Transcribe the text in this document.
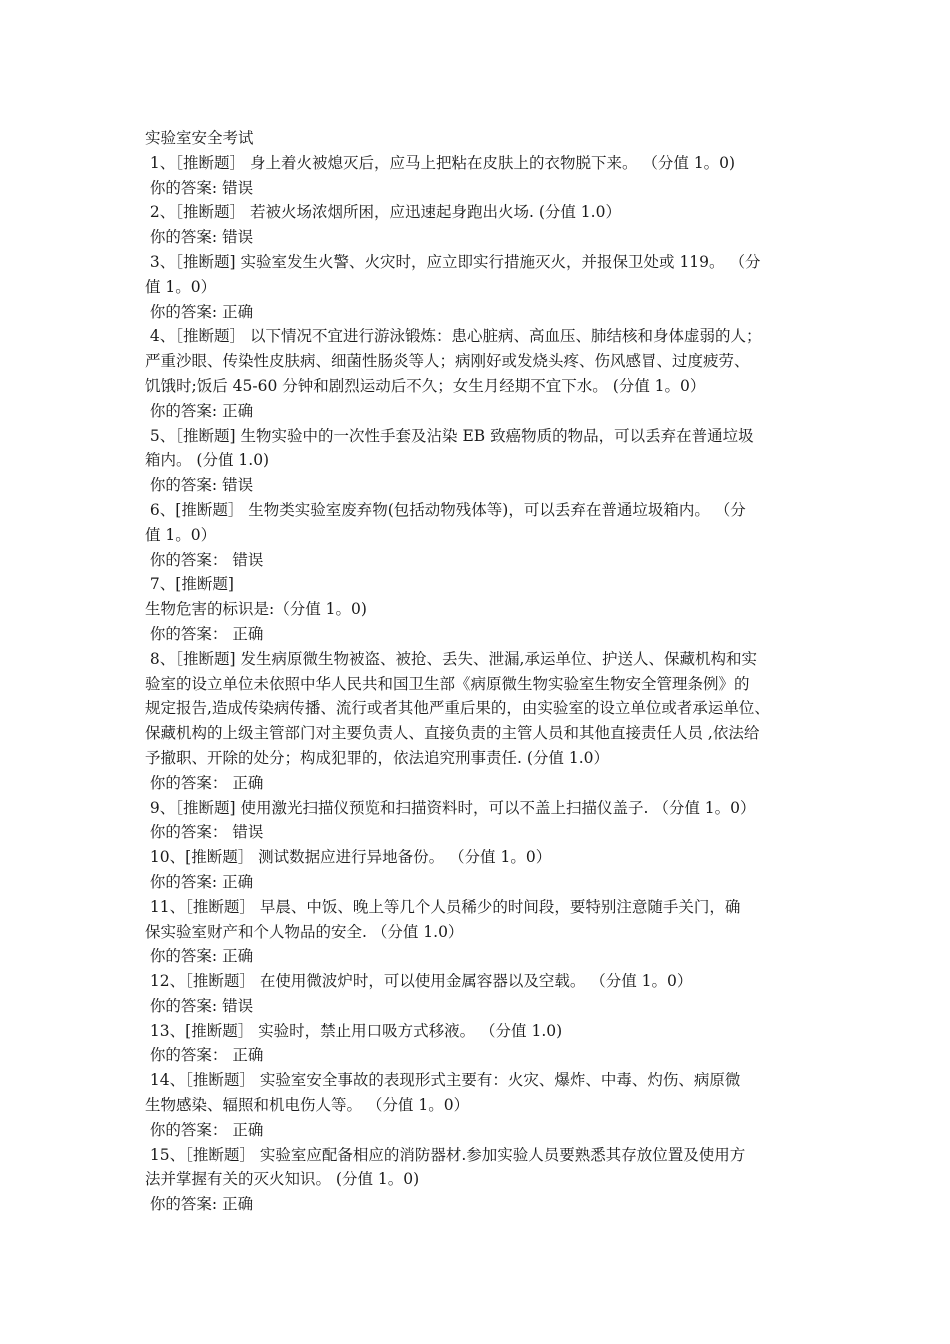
实验室安全考试
1、［推断题］ 身上着火被熄灭后，应马上把粘在皮肤上的衣物脱下来。 （分值 1。0)
你的答案: 错误
2、［推断题］ 若被火场浓烟所困，应迅速起身跑出火场. (分值 1.0）
你的答案: 错误
3、［推断题] 实验室发生火警、火灾时，应立即实行措施灭火，并报保卫处或 119。 （分
值 1。0）
你的答案: 正确
4、［推断题］ 以下情况不宜进行游泳锻炼：患心脏病、高血压、肺结核和身体虚弱的人；
严重沙眼、传染性皮肤病、细菌性肠炎等人；病刚好或发烧头疼、伤风感冒、过度疲劳、
饥饿时;饭后 45-60 分钟和剧烈运动后不久；女生月经期不宜下水。 (分值 1。0）
你的答案: 正确
5、［推断题] 生物实验中的一次性手套及沾染 EB 致癌物质的物品，可以丢弃在普通垃圾
箱内。 (分值 1.0)
你的答案: 错误
6、[推断题］ 生物类实验室废弃物(包括动物残体等)，可以丢弃在普通垃圾箱内。 （分
值 1。0）
你的答案： 错误
7、[推断题]
生物危害的标识是:（分值 1。0)
你的答案： 正确
8、［推断题] 发生病原微生物被盗、被抢、丢失、泄漏,承运单位、护送人、保藏机构和实
验室的设立单位未依照中华人民共和国卫生部《病原微生物实验室生物安全管理条例》的
规定报告,造成传染病传播、流行或者其他严重后果的，由实验室的设立单位或者承运单位、
保藏机构的上级主管部门对主要负责人、直接负责的主管人员和其他直接责任人员 ,依法给
予撤职、开除的处分；构成犯罪的，依法追究刑事责任. (分值 1.0）
你的答案： 正确
9、［推断题] 使用激光扫描仪预览和扫描资料时，可以不盖上扫描仪盖子. （分值 1。0）
你的答案： 错误
10、[推断题］ 测试数据应进行异地备份。 （分值 1。0）
你的答案: 正确
11、［推断题］ 早晨、中饭、晚上等几个人员稀少的时间段，要特别注意随手关门，确
保实验室财产和个人物品的安全. （分值 1.0）
你的答案: 正确
12、［推断题］ 在使用微波炉时，可以使用金属容器以及空载。 （分值 1。0）
你的答案: 错误
13、[推断题］ 实验时，禁止用口吸方式移液。 （分值 1.0)
你的答案： 正确
14、［推断题］ 实验室安全事故的表现形式主要有：火灾、爆炸、中毒、灼伤、病原微
生物感染、辐照和机电伤人等。 （分值 1。0）
你的答案： 正确
15、［推断题］ 实验室应配备相应的消防器材.参加实验人员要熟悉其存放位置及使用方
法并掌握有关的灭火知识。 (分值 1。0)
你的答案: 正确
